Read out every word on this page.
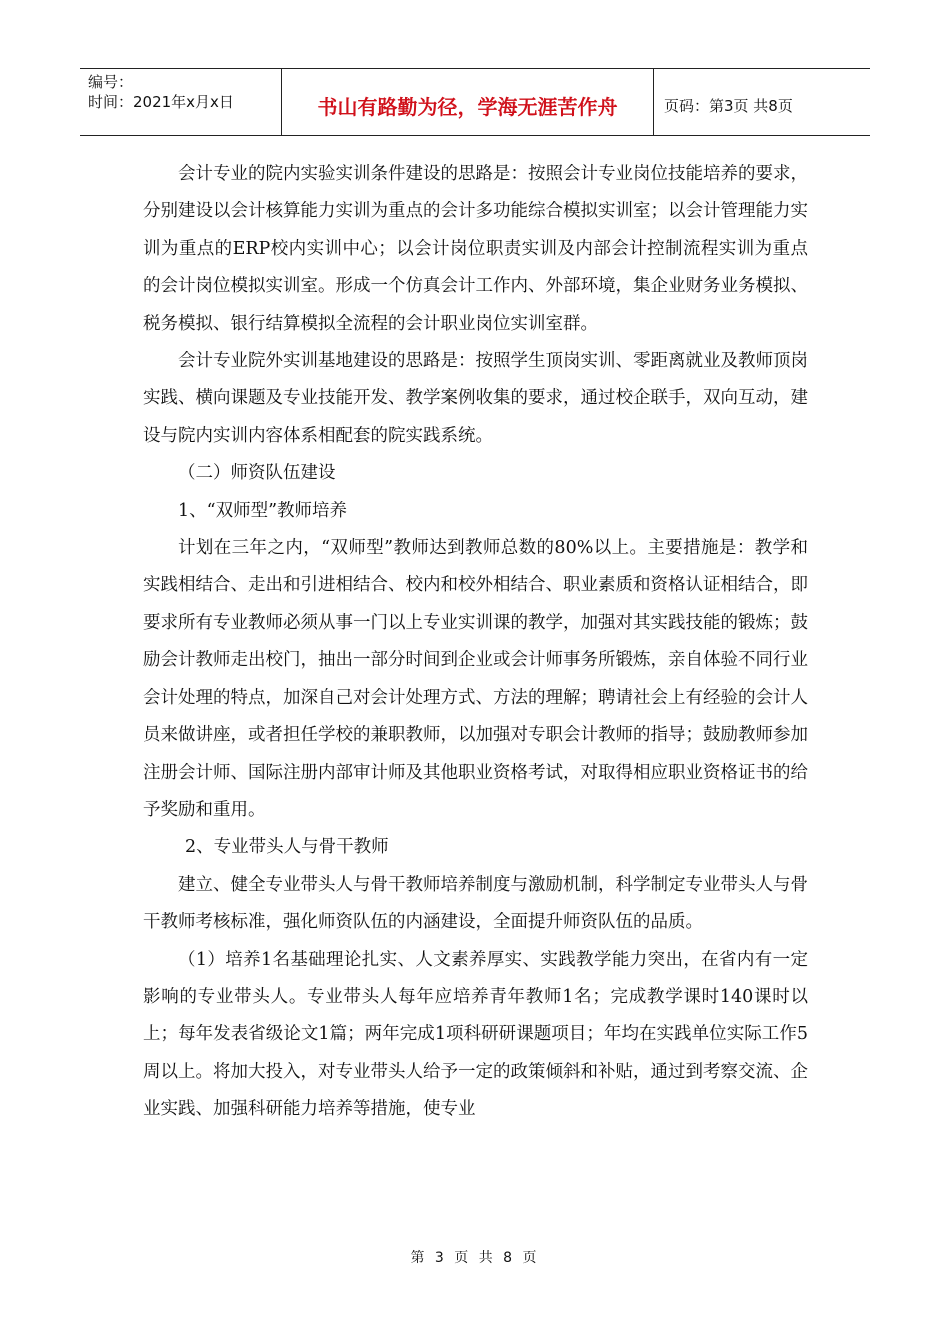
编号：
时间：2021年x月x日	书山有路勤为径，学海无涯苦作舟	页码：第3页 共8页

会计专业的院内实验实训条件建设的思路是：按照会计专业岗位技能培养的要求，分别建设以会计核算能力实训为重点的会计多功能综合模拟实训室；以会计管理能力实训为重点的ERP校内实训中心；以会计岗位职责实训及内部会计控制流程实训为重点的会计岗位模拟实训室。形成一个仿真会计工作内、外部环境，集企业财务业务模拟、税务模拟、银行结算模拟全流程的会计职业岗位实训室群。

会计专业院外实训基地建设的思路是：按照学生顶岗实训、零距离就业及教师顶岗实践、横向课题及专业技能开发、教学案例收集的要求，通过校企联手，双向互动，建设与院内实训内容体系相配套的院实践系统。

（二）师资队伍建设

1、“双师型”教师培养

计划在三年之内，“双师型”教师达到教师总数的80%以上。主要措施是：教学和实践相结合、走出和引进相结合、校内和校外相结合、职业素质和资格认证相结合，即要求所有专业教师必须从事一门以上专业实训课的教学，加强对其实践技能的锻炼；鼓励会计教师走出校门，抽出一部分时间到企业或会计师事务所锻炼，亲自体验不同行业会计处理的特点，加深自己对会计处理方式、方法的理解；聘请社会上有经验的会计人员来做讲座，或者担任学校的兼职教师，以加强对专职会计教师的指导；鼓励教师参加注册会计师、国际注册内部审计师及其他职业资格考试，对取得相应职业资格证书的给予奖励和重用。

2、专业带头人与骨干教师

建立、健全专业带头人与骨干教师培养制度与激励机制，科学制定专业带头人与骨干教师考核标准，强化师资队伍的内涵建设，全面提升师资队伍的品质。

（1）培养1名基础理论扎实、人文素养厚实、实践教学能力突出，在省内有一定影响的专业带头人。专业带头人每年应培养青年教师1名；完成教学课时140课时以上；每年发表省级论文1篇；两年完成1项科研研课题项目；年均在实践单位实际工作5周以上。将加大投入，对专业带头人给予一定的政策倾斜和补贴，通过到考察交流、企业实践、加强科研能力培养等措施，使专业

第 3 页 共 8 页
